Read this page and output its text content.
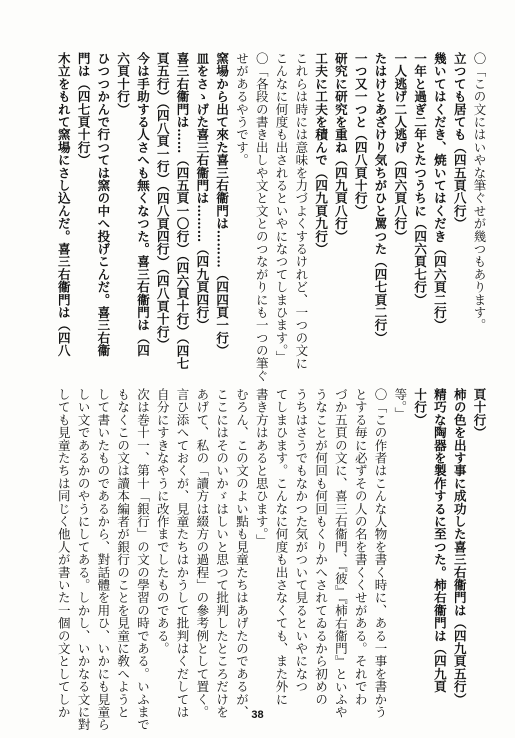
〇「この文にはいやな筆ぐせが幾つもあります。
立つても居ても（四五頁八行）
幾いてはくだき、焼いてはくだき（四六頁二行）
一年と過ぎ二年とたつうちに（四六頁七行）
一人逃げ二人逃げ（四六頁八行）
たはけとあざけり気ちがひと罵つた（四七頁二行）
一つ又一つと（四八頁十行）
研究に研究を重ね（四九頁八行）
工夫に工夫を積んで（四九頁九行）
これらは時には意味を力づよくするけれど、一つの文に
こんなに何度も出されるといやになつてしまひます。」
〇「各段の書き出しや文と文とのつながりにも一つの筆ぐ
せがあるやうです。
窯場から出て來た喜三右衞門は………（四四頁一行）
皿をさゝげた喜三右衞門は………（四九頁四行）
喜三右衞門は……（四五頁一〇行）（四六頁十行）（四七
頁五行）（四八頁一行）（四八頁四行）（四八頁十行）
今は手助する人さへも無くなつた。喜三右衞門は（四
六頁十行）
ひつつかんで行つては窯の中へ投げこんだ。喜三右衞
門は（四七頁十行）
木立をもれて窯場にさし込んだ。喜三右衞門は（四八
頁十行）
柿の色を出す事に成功した喜三右衞門は（四九頁五行）
精巧な陶器を製作するに至つた。柿右衞門は（四九頁
十行）
等。」
〇「この作者はこんな人物を書く時に、ある一事を書かう
とする毎に必ずその人の名を書くくせがある。それでわ
づか五頁の文に、喜三右衞門、『彼』『柿右衞門』といふや
うなことが何回も何回もくりかへされてゐるから初めの
うちはさうでもなかつた気がついて見るといやになつ
てしまひます。こんなに何度も出さなくても、また外に
書き方はあると思ひます。」
むろん、この文のよい點も見童たちはあげたのであるが、
ここにはそのいかゞはしいと思つて批判したところだけを
あげて、私の「讀方は綴方の過程」の參考例として置く。
言ひ添へておくが、見童たちはかうして批判はくだしては
自分にすきなやうに改作までしたものである。
次は巻十一、第十「銀行」の文の學習の時である。いふまで
もなくこの文は讀本編者が銀行のことを見童に敎へようと
して書いたものであるから、對話體を用ひ、いかにも見童ら
しい文であるかのやうにしてある。しかし、いかなる文に對
しても見童たちは同じく他人が書いた一個の文としてしか	38
